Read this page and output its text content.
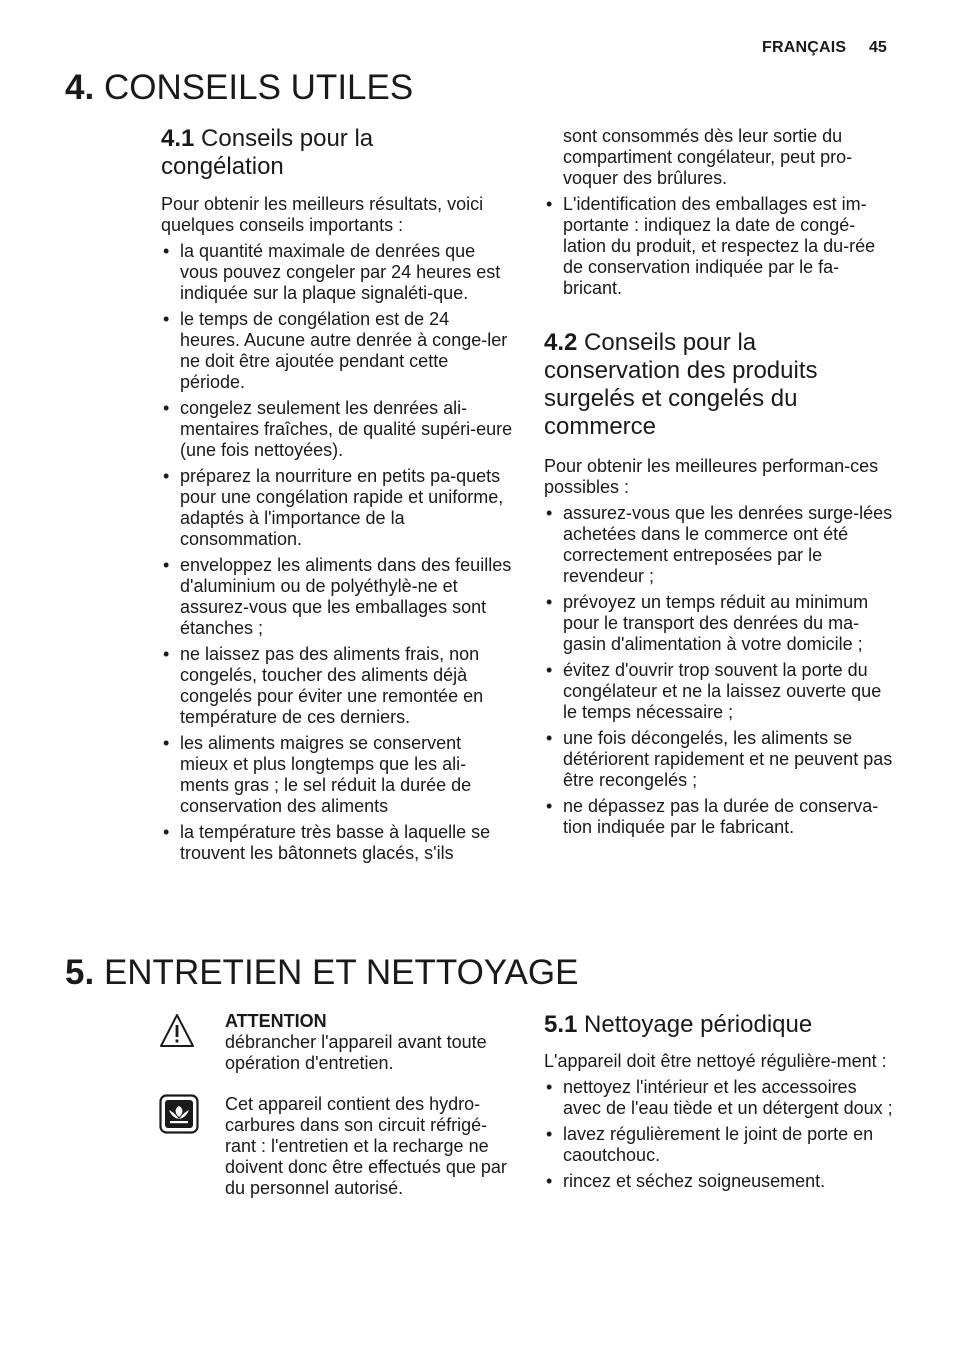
FRANÇAIS 45
4. CONSEILS UTILES
4.1 Conseils pour la
congélation

Pour obtenir les meilleurs résultats, voici quelques conseils importants :

• la quantité maximale de denrées que vous pouvez congeler par 24 heures est indiquée sur la plaque signaléti-que.
• le temps de congélation est de 24 heures. Aucune autre denrée à conge-ler ne doit être ajoutée pendant cette période.
• congelez seulement les denrées ali-mentaires fraîches, de qualité supéri-eure (une fois nettoyées).
• préparez la nourriture en petits pa-quets pour une congélation rapide et uniforme, adaptés à l'importance de la consommation.
• enveloppez les aliments dans des feuilles d'aluminium ou de polyéthylè-ne et assurez-vous que les emballages sont étanches ;
• ne laissez pas des aliments frais, non congelés, toucher des aliments déjà congelés pour éviter une remontée en température de ces derniers.
• les aliments maigres se conservent mieux et plus longtemps que les ali-ments gras ; le sel réduit la durée de conservation des aliments
• la température très basse à laquelle se trouvent les bâtonnets glacés, s'ils
sont consommés dès leur sortie du compartiment congélateur, peut pro-voquer des brûlures.
• L'identification des emballages est im-portante : indiquez la date de congé-lation du produit, et respectez la du-rée de conservation indiquée par le fa-bricant.
4.2 Conseils pour la conservation des produits surgelés et congelés du commerce

Pour obtenir les meilleures performan-ces possibles :

• assurez-vous que les denrées surge-lées achetées dans le commerce ont été correctement entreposées par le revendeur ;
• prévoyez un temps réduit au minimum pour le transport des denrées du ma-gasin d'alimentation à votre domicile ;
• évitez d'ouvrir trop souvent la porte du congélateur et ne la laissez ouverte que le temps nécessaire ;
• une fois décongelés, les aliments se détériorent rapidement et ne peuvent pas être recongelés ;
• ne dépassez pas la durée de conserva-tion indiquée par le fabricant.
5. ENTRETIEN ET NETTOYAGE
ATTENTION
débrancher l'appareil avant toute opération d'entretien.

Cet appareil contient des hydro-carbures dans son circuit réfrigé-rant : l'entretien et la recharge ne doivent donc être effectués que par du personnel autorisé.

5.1 Nettoyage périodique

L'appareil doit être nettoyé régulière-ment :

• nettoyez l'intérieur et les accessoires avec de l'eau tiède et un détergent doux ;
• lavez régulièrement le joint de porte en caoutchouc.
• rincez et séchez soigneusement.
